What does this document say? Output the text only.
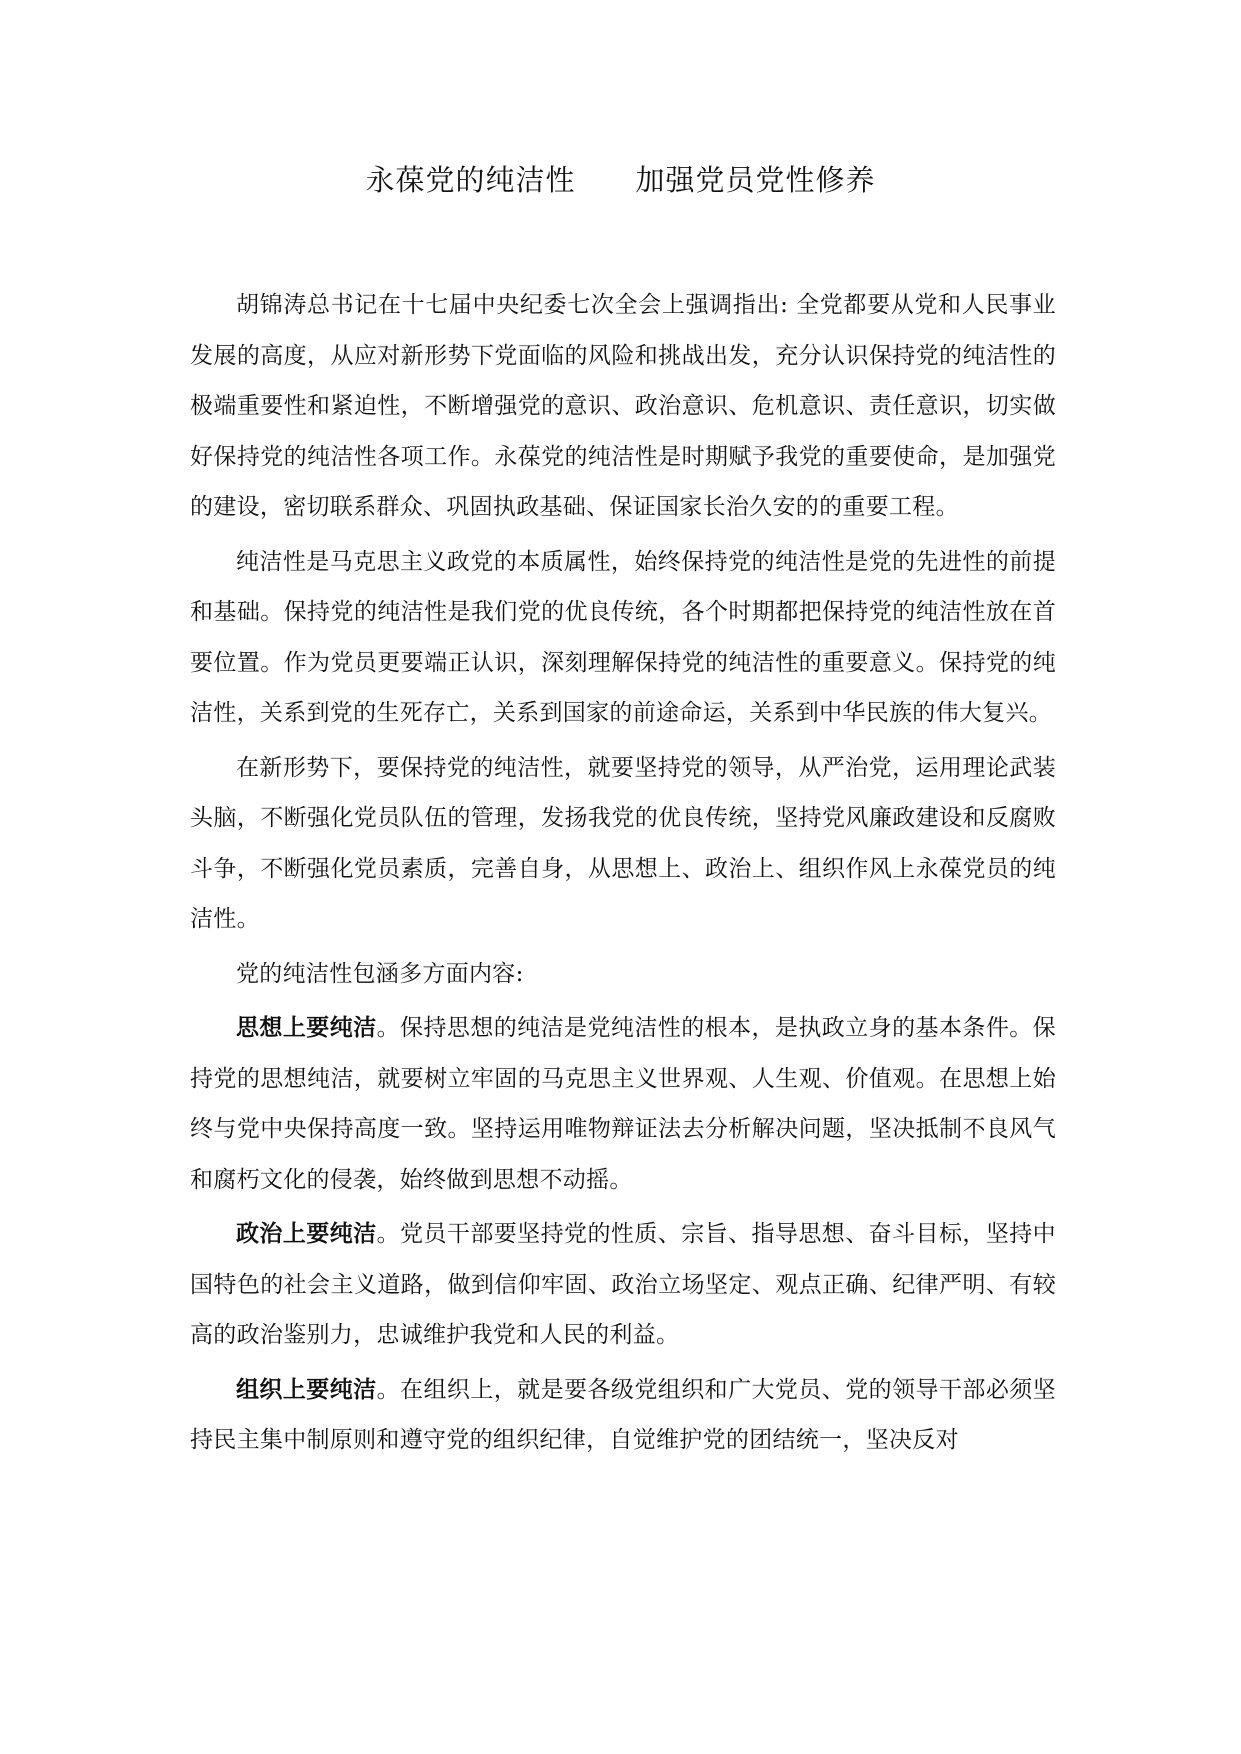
永葆党的纯洁性　　加强党员党性修养

胡锦涛总书记在十七届中央纪委七次全会上强调指出: 全党都要从党和人民事业发展的高度，从应对新形势下党面临的风险和挑战出发，充分认识保持党的纯洁性的极端重要性和紧迫性，不断增强党的意识、政治意识、危机意识、责任意识，切实做好保持党的纯洁性各项工作。永葆党的纯洁性是时期赋予我党的重要使命，是加强党的建设，密切联系群众、巩固执政基础、保证国家长治久安的的重要工程。

纯洁性是马克思主义政党的本质属性，始终保持党的纯洁性是党的先进性的前提和基础。保持党的纯洁性是我们党的优良传统，各个时期都把保持党的纯洁性放在首要位置。作为党员更要端正认识，深刻理解保持党的纯洁性的重要意义。保持党的纯洁性，关系到党的生死存亡，关系到国家的前途命运，关系到中华民族的伟大复兴。

在新形势下，要保持党的纯洁性，就要坚持党的领导，从严治党，运用理论武装头脑，不断强化党员队伍的管理，发扬我党的优良传统，坚持党风廉政建设和反腐败斗争，不断强化党员素质，完善自身，从思想上、政治上、组织作风上永葆党员的纯洁性。

党的纯洁性包涵多方面内容:

思想上要纯洁。保持思想的纯洁是党纯洁性的根本，是执政立身的基本条件。保持党的思想纯洁，就要树立牢固的马克思主义世界观、人生观、价值观。在思想上始终与党中央保持高度一致。坚持运用唯物辩证法去分析解决问题，坚决抵制不良风气和腐朽文化的侵袭，始终做到思想不动摇。

政治上要纯洁。党员干部要坚持党的性质、宗旨、指导思想、奋斗目标，坚持中国特色的社会主义道路，做到信仰牢固、政治立场坚定、观点正确、纪律严明、有较高的政治鉴别力，忠诚维护我党和人民的利益。

组织上要纯洁。在组织上，就是要各级党组织和广大党员、党的领导干部必须坚持民主集中制原则和遵守党的组织纪律，自觉维护党的团结统一，坚决反对
